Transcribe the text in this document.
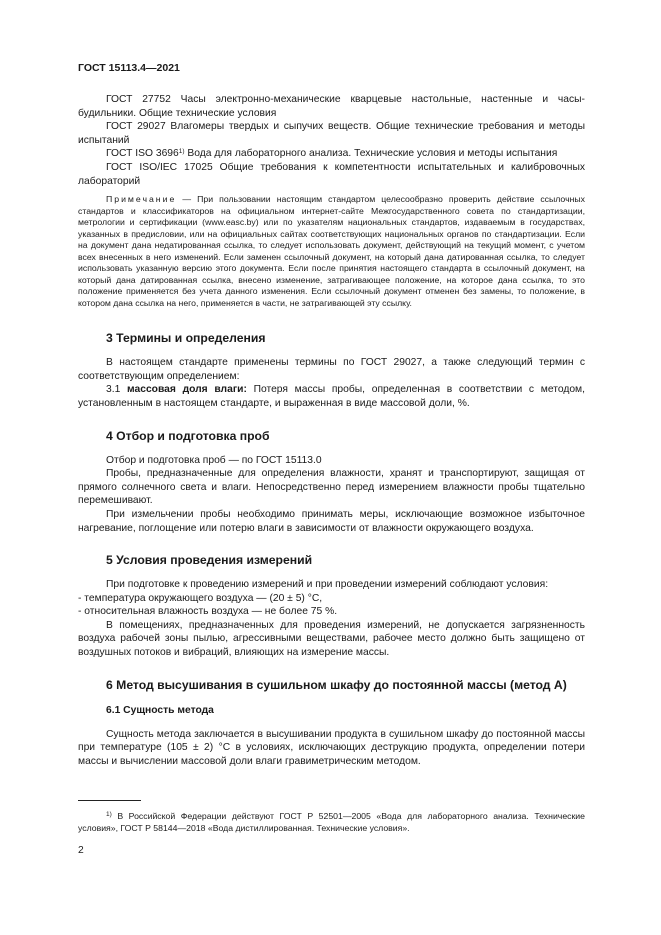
ГОСТ 15113.4—2021

ГОСТ 27752 Часы электронно-механические кварцевые настольные, настенные и часы-будильники. Общие технические условия

ГОСТ 29027 Влагомеры твердых и сыпучих веществ. Общие технические требования и методы испытаний

ГОСТ ISO 3696$^{1)}$ Вода для лабораторного анализа. Технические условия и методы испытания

ГОСТ ISO/IEC 17025 Общие требования к компетентности испытательных и калибровочных лабораторий

Примечание — При пользовании настоящим стандартом целесообразно проверить действие ссылочных стандартов и классификаторов на официальном интернет-сайте Межгосударственного совета по стандартизации, метрологии и сертификации (www.easc.by) или по указателям национальных стандартов, издаваемым в государствах, указанных в предисловии, или на официальных сайтах соответствующих национальных органов по стандартизации. Если на документ дана недатированная ссылка, то следует использовать документ, действующий на текущий момент, с учетом всех внесенных в него изменений. Если заменен ссылочный документ, на который дана датированная ссылка, то следует использовать указанную версию этого документа. Если после принятия настоящего стандарта в ссылочный документ, на который дана датированная ссылка, внесено изменение, затрагивающее положение, на которое дана ссылка, то это положение применяется без учета данного изменения. Если ссылочный документ отменен без замены, то положение, в котором дана ссылка на него, применяется в части, не затрагивающей эту ссылку.

3 Термины и определения

В настоящем стандарте применены термины по ГОСТ 29027, а также следующий термин с соответствующим определением:

3.1 массовая доля влаги: Потеря массы пробы, определенная в соответствии с методом, установленным в настоящем стандарте, и выраженная в виде массовой доли, %.

4 Отбор и подготовка проб

Отбор и подготовка проб — по ГОСТ 15113.0

Пробы, предназначенные для определения влажности, хранят и транспортируют, защищая от прямого солнечного света и влаги. Непосредственно перед измерением влажности пробы тщательно перемешивают.

При измельчении пробы необходимо принимать меры, исключающие возможное избыточное нагревание, поглощение или потерю влаги в зависимости от влажности окружающего воздуха.

5 Условия проведения измерений

При подготовке к проведению измерений и при проведении измерений соблюдают условия:

- температура окружающего воздуха — (20 ± 5) °C,

- относительная влажность воздуха — не более 75 %.

В помещениях, предназначенных для проведения измерений, не допускается загрязненность воздуха рабочей зоны пылью, агрессивными веществами, рабочее место должно быть защищено от воздушных потоков и вибраций, влияющих на измерение массы.

6 Метод высушивания в сушильном шкафу до постоянной массы (метод А)
6.1 Сущность метода

Сущность метода заключается в высушивании продукта в сушильном шкафу до постоянной массы при температуре (105 ± 2) °C в условиях, исключающих деструкцию продукта, определении потери массы и вычислении массовой доли влаги гравиметрическим методом.

$^{1)}$ В Российской Федерации действуют ГОСТ Р 52501—2005 «Вода для лабораторного анализа. Технические условия», ГОСТ Р 58144—2018 «Вода дистиллированная. Технические условия».

2
